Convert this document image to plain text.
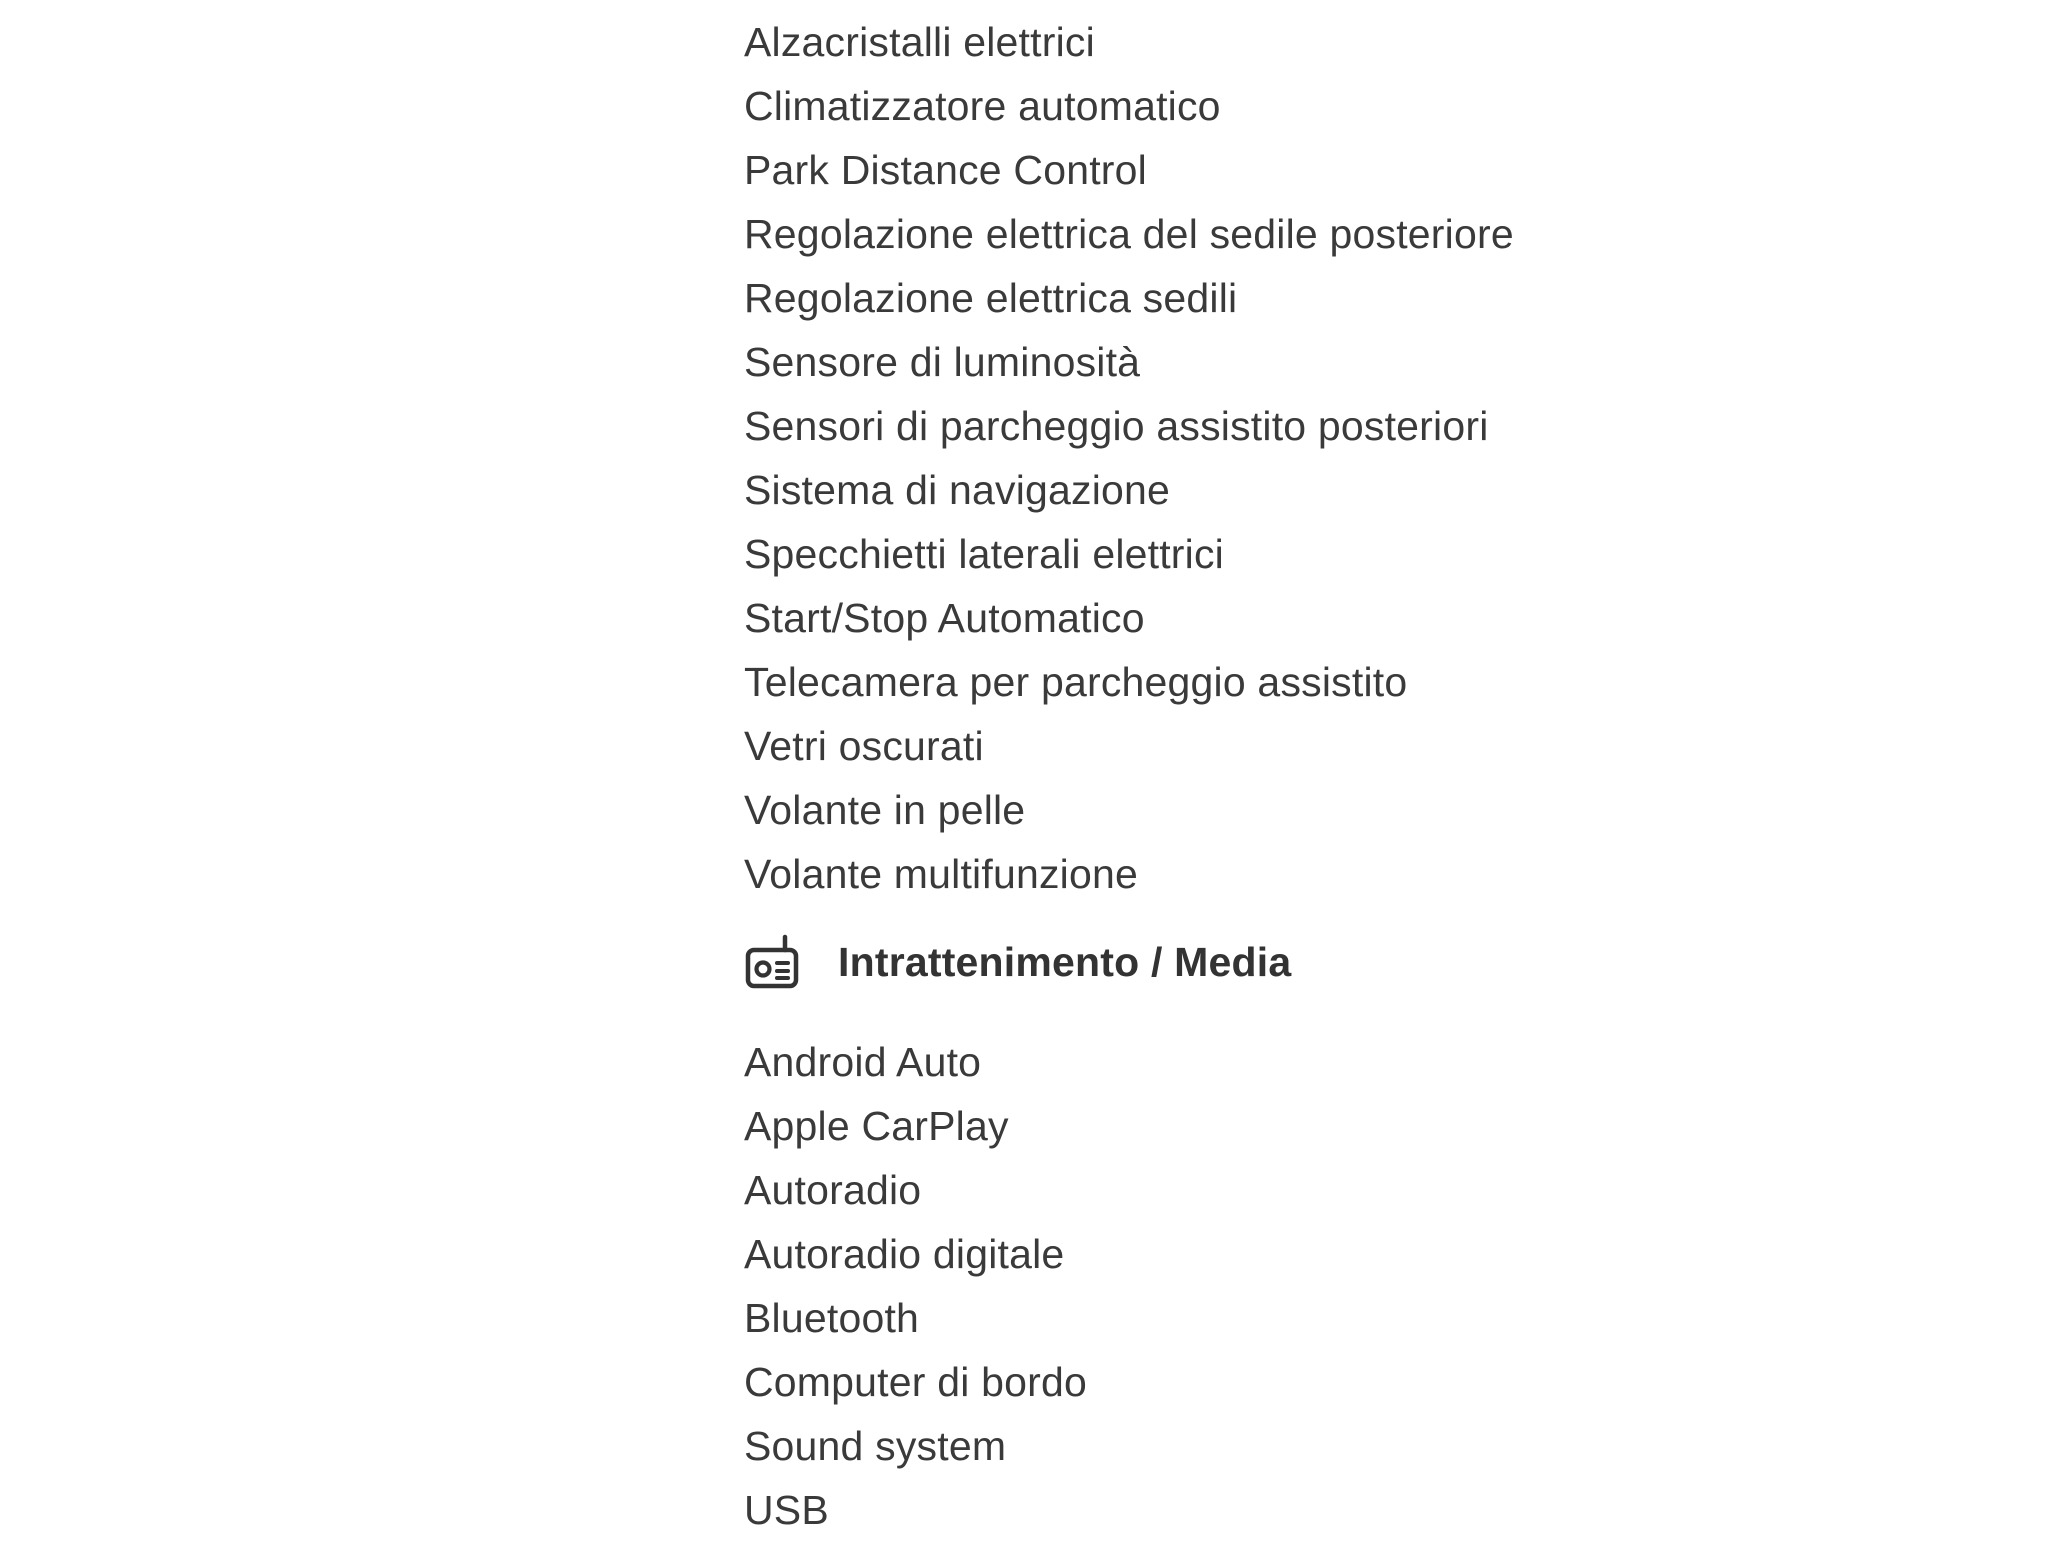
Alzacristalli elettrici
Climatizzatore automatico
Park Distance Control
Regolazione elettrica del sedile posteriore
Regolazione elettrica sedili
Sensore di luminosità
Sensori di parcheggio assistito posteriori
Sistema di navigazione
Specchietti laterali elettrici
Start/Stop Automatico
Telecamera per parcheggio assistito
Vetri oscurati
Volante in pelle
Volante multifunzione
Intrattenimento / Media
Android Auto
Apple CarPlay
Autoradio
Autoradio digitale
Bluetooth
Computer di bordo
Sound system
USB
